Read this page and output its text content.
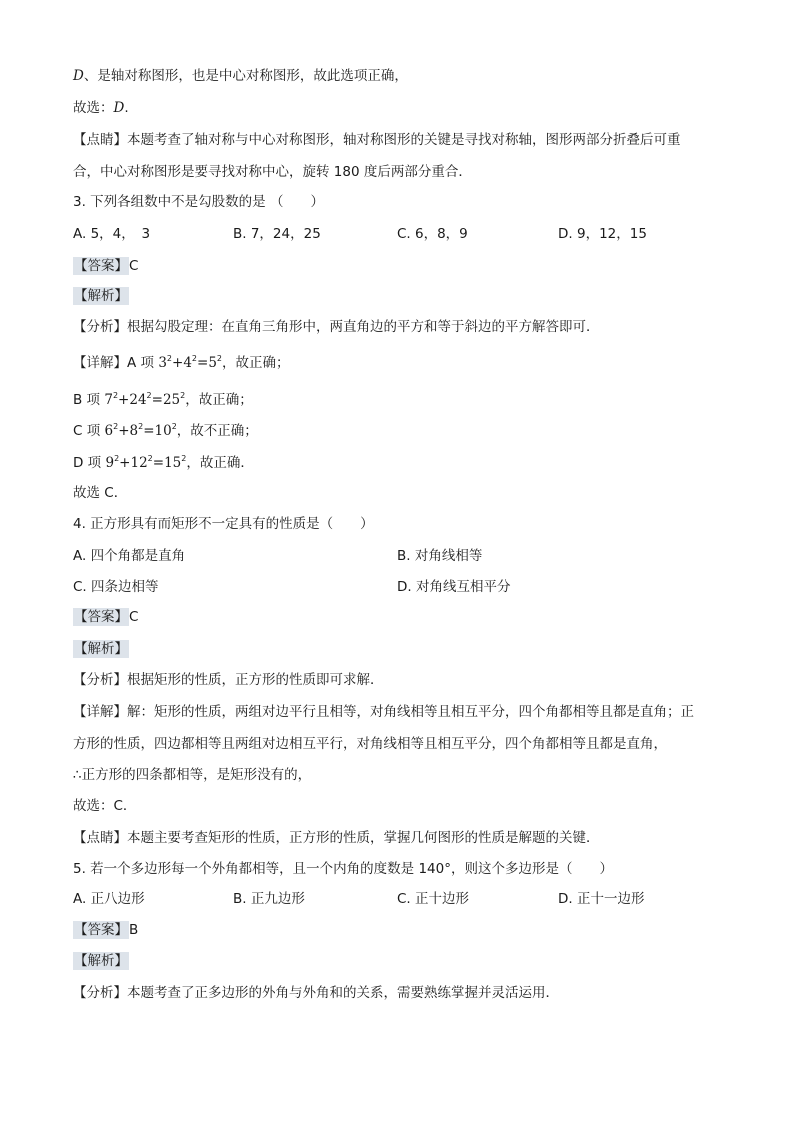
D、是轴对称图形，也是中心对称图形，故此选项正确，
故选：D.
【点睛】本题考查了轴对称与中心对称图形，轴对称图形的关键是寻找对称轴，图形两部分折叠后可重
合，中心对称图形是要寻找对称中心，旋转 180 度后两部分重合．
3. 下列各组数中不是勾股数的是 （　　）
A. 5，4，　3	B. 7，24，25	C. 6，8，9	D. 9，12，15
【答案】C
【解析】
【分析】根据勾股定理：在直角三角形中，两直角边的平方和等于斜边的平方解答即可．
【详解】A 项 $3^2+4^2=5^2$，故正确；
B 项 $7^2+24^2=25^2$，故正确；
C 项 $6^2+8^2=10^2$，故不正确；
D 项 $9^2+12^2=15^2$，故正确．
故选 C．
4. 正方形具有而矩形不一定具有的性质是（　　）
A. 四个角都是直角	B. 对角线相等
C. 四条边相等	D. 对角线互相平分
【答案】C
【解析】
【分析】根据矩形的性质，正方形的性质即可求解．
【详解】解：矩形的性质，两组对边平行且相等，对角线相等且相互平分，四个角都相等且都是直角；正
方形的性质，四边都相等且两组对边相互平行，对角线相等且相互平分，四个角都相等且都是直角，
∴正方形的四条都相等，是矩形没有的，
故选：C．
【点睛】本题主要考查矩形的性质，正方形的性质，掌握几何图形的性质是解题的关键．
5. 若一个多边形每一个外角都相等，且一个内角的度数是 140°，则这个多边形是（　　）
A. 正八边形	B. 正九边形	C. 正十边形	D. 正十一边形
【答案】B
【解析】
【分析】本题考查了正多边形的外角与外角和的关系，需要熟练掌握并灵活运用．
